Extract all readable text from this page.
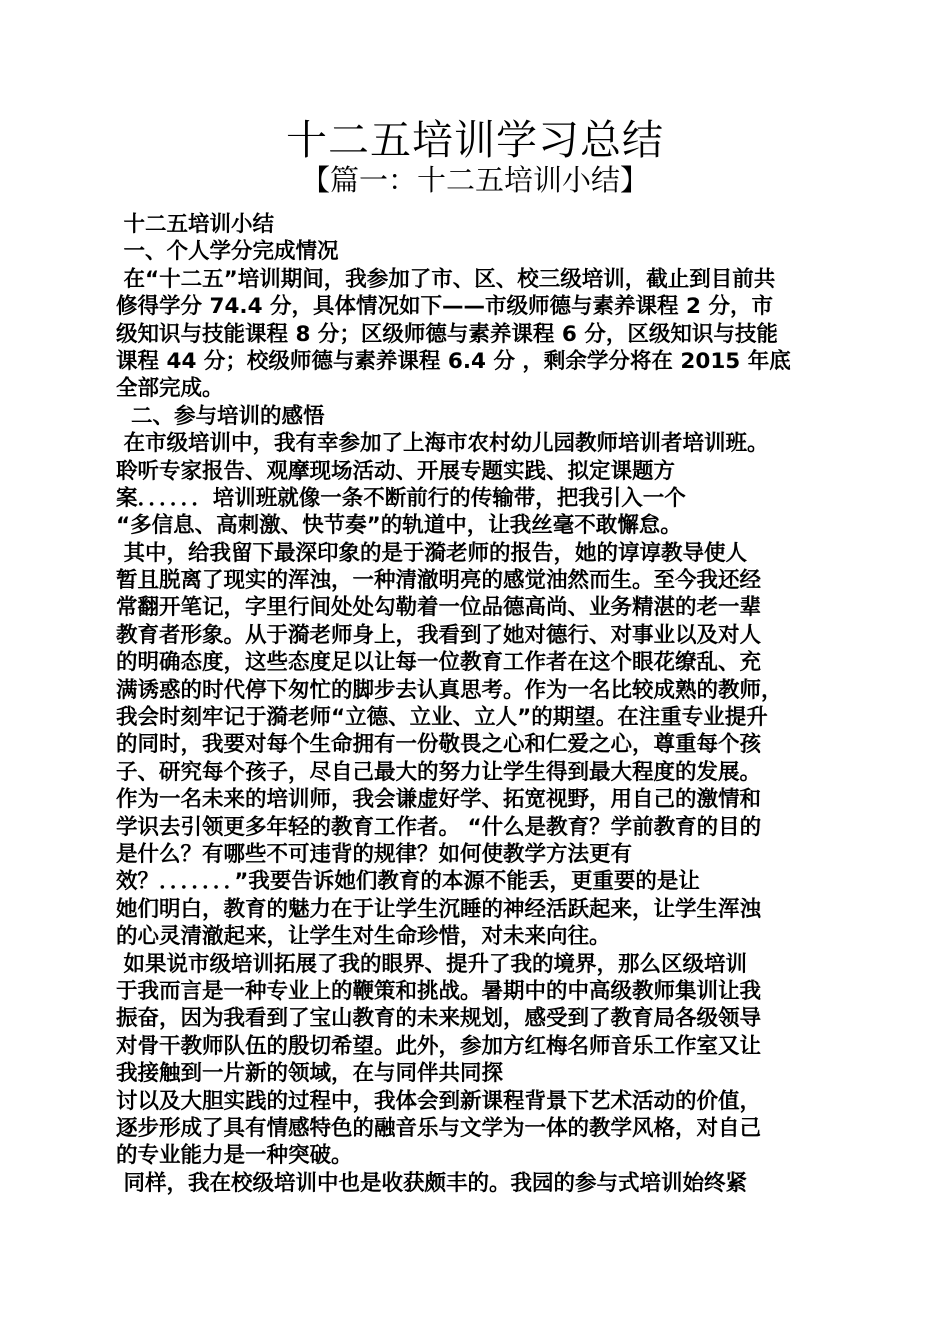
十二五培训学习总结
【篇一：十二五培训小结】
十二五培训小结
一、个人学分完成情况
在“十二五”培训期间，我参加了市、区、校三级培训，截止到目前共
修得学分 74.4 分，具体情况如下——市级师德与素养课程 2 分，市
级知识与技能课程 8 分；区级师德与素养课程 6 分，区级知识与技能
课程 44 分；校级师德与素养课程 6.4 分 ，剩余学分将在 2015 年底
全部完成。
二、参与培训的感悟
在市级培训中，我有幸参加了上海市农村幼儿园教师培训者培训班。
聆听专家报告、观摩现场活动、开展专题实践、拟定课题方
案．．．．．．培训班就像一条不断前行的传输带，把我引入一个
“多信息、高刺激、快节奏”的轨道中，让我丝毫不敢懈怠。
其中，给我留下最深印象的是于漪老师的报告，她的谆谆教导使人
暂且脱离了现实的浑浊，一种清澈明亮的感觉油然而生。至今我还经
常翻开笔记，字里行间处处勾勒着一位品德高尚、业务精湛的老一辈
教育者形象。从于漪老师身上，我看到了她对德行、对事业以及对人
的明确态度，这些态度足以让每一位教育工作者在这个眼花缭乱、充
满诱惑的时代停下匆忙的脚步去认真思考。作为一名比较成熟的教师，
我会时刻牢记于漪老师“立德、立业、立人”的期望。在注重专业提升
的同时，我要对每个生命拥有一份敬畏之心和仁爱之心，尊重每个孩
子、研究每个孩子，尽自己最大的努力让学生得到最大程度的发展。
作为一名未来的培训师，我会谦虚好学、拓宽视野，用自己的激情和
学识去引领更多年轻的教育工作者。 “什么是教育？学前教育的目的
是什么？有哪些不可违背的规律？如何使教学方法更有
效？．．．．．．．”我要告诉她们教育的本源不能丢，更重要的是让
她们明白，教育的魅力在于让学生沉睡的神经活跃起来，让学生浑浊
的心灵清澈起来，让学生对生命珍惜，对未来向往。
如果说市级培训拓展了我的眼界、提升了我的境界，那么区级培训
于我而言是一种专业上的鞭策和挑战。暑期中的中高级教师集训让我
振奋，因为我看到了宝山教育的未来规划，感受到了教育局各级领导
对骨干教师队伍的殷切希望。此外，参加方红梅名师音乐工作室又让
我接触到一片新的领域，在与同伴共同探
讨以及大胆实践的过程中，我体会到新课程背景下艺术活动的价值，
逐步形成了具有情感特色的融音乐与文学为一体的教学风格，对自己
的专业能力是一种突破。
同样，我在校级培训中也是收获颇丰的。我园的参与式培训始终紧
